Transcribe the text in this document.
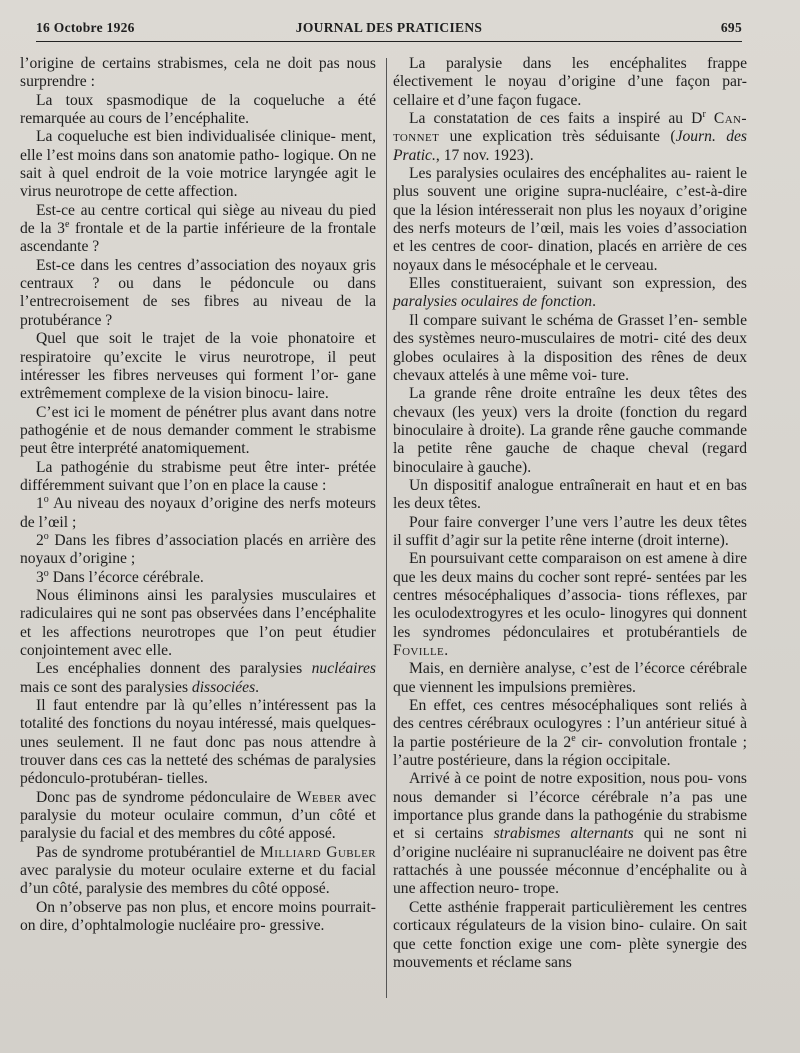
16 Octobre 1926	JOURNAL DES PRATICIENS	695

l’origine de certains strabismes, cela ne doit pas nous surprendre :

La toux spasmodique de la coqueluche a été remarquée au cours de l’encéphalite.

La coqueluche est bien individualisée clinique- ment, elle l’est moins dans son anatomie patho- logique. On ne sait à quel endroit de la voie motrice laryngée agit le virus neurotrope de cette affection.

Est-ce au centre cortical qui siège au niveau du pied de la 3e frontale et de la partie inférieure de la frontale ascendante ?

Est-ce dans les centres d’association des noyaux gris centraux ? ou dans le pédoncule ou dans l’entrecroisement de ses fibres au niveau de la protubérance ?

Quel que soit le trajet de la voie phonatoire et respiratoire qu’excite le virus neurotrope, il peut intéresser les fibres nerveuses qui forment l’or- gane extrêmement complexe de la vision binocu- laire.

C’est ici le moment de pénétrer plus avant dans notre pathogénie et de nous demander comment le strabisme peut être interprété anatomiquement.

La pathogénie du strabisme peut être inter- prétée différemment suivant que l’on en place la cause :

1$^o$ Au niveau des noyaux d’origine des nerfs moteurs de l’œil ;

2$^o$ Dans les fibres d’association placés en arrière des noyaux d’origine ;

3$^o$ Dans l’écorce cérébrale.

Nous éliminons ainsi les paralysies musculaires et radiculaires qui ne sont pas observées dans l’encéphalite et les affections neurotropes que l’on peut étudier conjointement avec elle.

Les encéphalies donnent des paralysies nucléaires mais ce sont des paralysies dissociées.

Il faut entendre par là qu’elles n’intéressent pas la totalité des fonctions du noyau intéressé, mais quelques-unes seulement. Il ne faut donc pas nous attendre à trouver dans ces cas la netteté des schémas de paralysies pédonculo-protubéran- tielles.

Donc pas de syndrome pédonculaire de Weber avec paralysie du moteur oculaire commun, d’un côté et paralysie du facial et des membres du côté apposé.

Pas de syndrome protubérantiel de Milliard Gubler avec paralysie du moteur oculaire externe et du facial d’un côté, paralysie des membres du côté opposé.

On n’observe pas non plus, et encore moins pourrait-on dire, d’ophtalmologie nucléaire pro- gressive.

La paralysie dans les encéphalites frappe électivement le noyau d’origine d’une façon par- cellaire et d’une façon fugace.

La constatation de ces faits a inspiré au $D^r$ Can- tonnet une explication très séduisante (Journ. des Pratic., 17 nov. 1923).

Les paralysies oculaires des encéphalites au- raient le plus souvent une origine supra-nucléaire, c’est-à-dire que la lésion intéresserait non plus les noyaux d’origine des nerfs moteurs de l’œil, mais les voies d’association et les centres de coor- dination, placés en arrière de ces noyaux dans le mésocéphale et le cerveau.

Elles constitueraient, suivant son expression, des paralysies oculaires de fonction.

Il compare suivant le schéma de Grasset l’en- semble des systèmes neuro-musculaires de motri- cité des deux globes oculaires à la disposition des rênes de deux chevaux attelés à une même voi- ture.

La grande rêne droite entraîne les deux têtes des chevaux (les yeux) vers la droite (fonction du regard binoculaire à droite). La grande rêne gauche commande la petite rêne gauche de chaque cheval (regard binoculaire à gauche).

Un dispositif analogue entraînerait en haut et en bas les deux têtes.

Pour faire converger l’une vers l’autre les deux têtes il suffit d’agir sur la petite rêne interne (droit interne).

En poursuivant cette comparaison on est amene à dire que les deux mains du cocher sont repré- sentées par les centres mésocéphaliques d’associa- tions réflexes, par les oculodextrogyres et les oculo- linogyres qui donnent les syndromes pédonculaires et protubérantiels de Foville.

Mais, en dernière analyse, c’est de l’écorce cérébrale que viennent les impulsions premières.

En effet, ces centres mésocéphaliques sont reliés à des centres cérébraux oculogyres : l’un antérieur situé à la partie postérieure de la 2e cir- convolution frontale ; l’autre postérieure, dans la région occipitale.

Arrivé à ce point de notre exposition, nous pou- vons nous demander si l’écorce cérébrale n’a pas une importance plus grande dans la pathogénie du strabisme et si certains strabismes alternants qui ne sont ni d’origine nucléaire ni supranucléaire ne doivent pas être rattachés à une poussée méconnue d’encéphalite ou à une affection neuro- trope.

Cette asthénie frapperait particulièrement les centres corticaux régulateurs de la vision bino- culaire. On sait que cette fonction exige une com- plète synergie des mouvements et réclame sans
